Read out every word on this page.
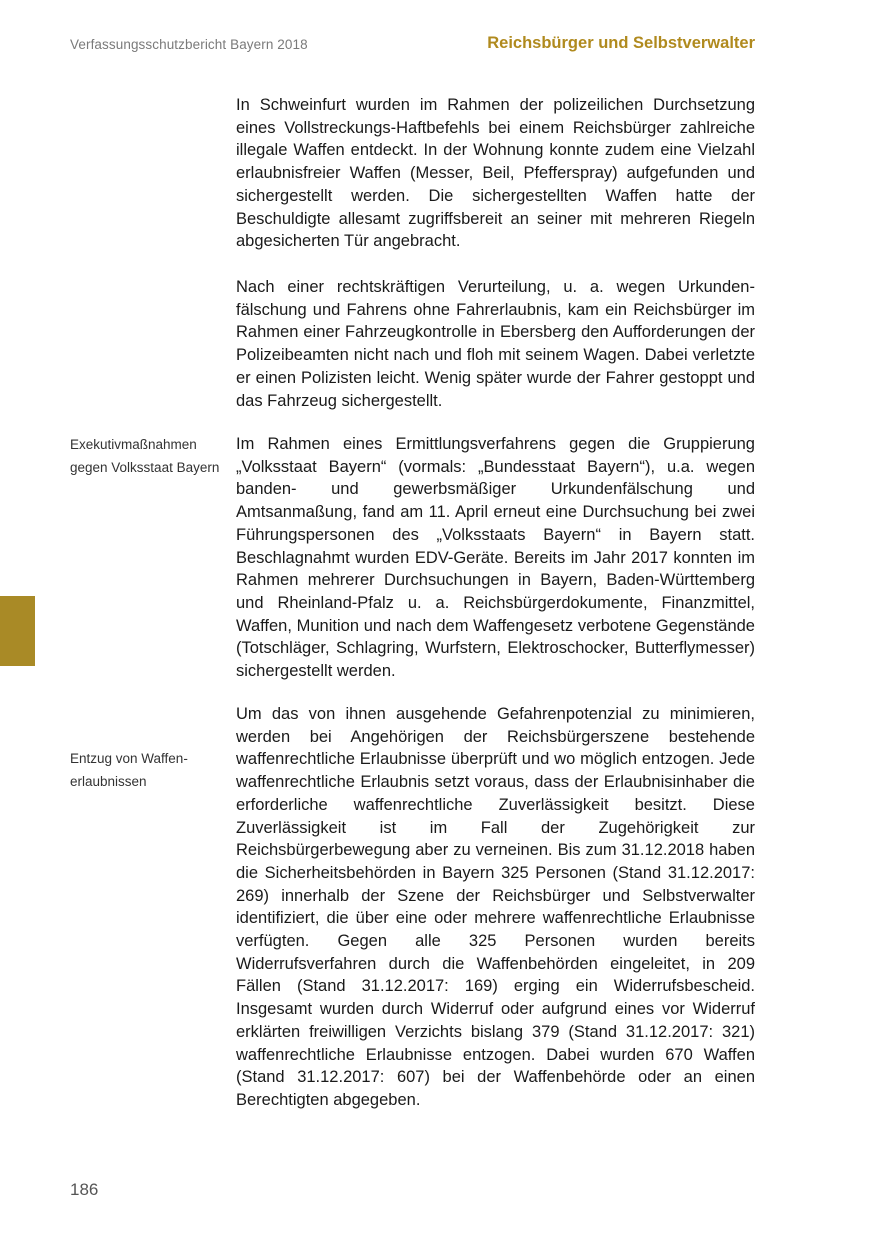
Verfassungsschutzbericht Bayern 2018	Reichsbürger und Selbstverwalter
Exekutivmaßnahmen gegen Volksstaat Bayern
Entzug von Waffenerlaubnissen

In Schweinfurt wurden im Rahmen der polizeilichen Durchsetzung eines Vollstreckungs-Haftbefehls bei einem Reichsbürger zahlreiche illegale Waffen entdeckt. In der Wohnung konnte zudem eine Vielzahl erlaubnisfreier Waffen (Messer, Beil, Pfefferspray) aufgefunden und sichergestellt werden. Die sichergestellten Waffen hatte der Beschuldigte allesamt zugriffsbereit an seiner mit mehreren Riegeln abgesicherten Tür angebracht.

Nach einer rechtskräftigen Verurteilung, u. a. wegen Urkundenfälschung und Fahrens ohne Fahrerlaubnis, kam ein Reichsbürger im Rahmen einer Fahrzeugkontrolle in Ebersberg den Aufforderungen der Polizeibeamten nicht nach und floh mit seinem Wagen. Dabei verletzte er einen Polizisten leicht. Wenig später wurde der Fahrer gestoppt und das Fahrzeug sichergestellt.

Im Rahmen eines Ermittlungsverfahrens gegen die Gruppierung „Volksstaat Bayern“ (vormals: „Bundesstaat Bayern“), u.a. wegen banden- und gewerbsmäßiger Urkundenfälschung und Amtsanmaßung, fand am 11. April erneut eine Durchsuchung bei zwei Führungspersonen des „Volksstaats Bayern“ in Bayern statt. Beschlagnahmt wurden EDV-Geräte. Bereits im Jahr 2017 konnten im Rahmen mehrerer Durchsuchungen in Bayern, Baden-Württemberg und Rheinland-Pfalz u. a. Reichsbürgerdokumente, Finanzmittel, Waffen, Munition und nach dem Waffengesetz verbotene Gegenstände (Totschläger, Schlagring, Wurfstern, Elektroschocker, Butterflymesser) sichergestellt werden.

Um das von ihnen ausgehende Gefahrenpotenzial zu minimieren, werden bei Angehörigen der Reichsbürgerszene bestehende waffenrechtliche Erlaubnisse überprüft und wo möglich entzogen. Jede waffenrechtliche Erlaubnis setzt voraus, dass der Erlaubnisinhaber die erforderliche waffenrechtliche Zuverlässigkeit besitzt. Diese Zuverlässigkeit ist im Fall der Zugehörigkeit zur Reichsbürgerbewegung aber zu verneinen. Bis zum 31.12.2018 haben die Sicherheitsbehörden in Bayern 325 Personen (Stand 31.12.2017: 269) innerhalb der Szene der Reichsbürger und Selbstverwalter identifiziert, die über eine oder mehrere waffenrechtliche Erlaubnisse verfügten. Gegen alle 325 Personen wurden bereits Widerrufsverfahren durch die Waffenbehörden eingeleitet, in 209 Fällen (Stand 31.12.2017: 169) erging ein Widerrufsbescheid. Insgesamt wurden durch Widerruf oder aufgrund eines vor Widerruf erklärten freiwilligen Verzichts bislang 379 (Stand 31.12.2017: 321) waffenrechtliche Erlaubnisse entzogen. Dabei wurden 670 Waffen (Stand 31.12.2017: 607) bei der Waffenbehörde oder an einen Berechtigten abgegeben.

186
